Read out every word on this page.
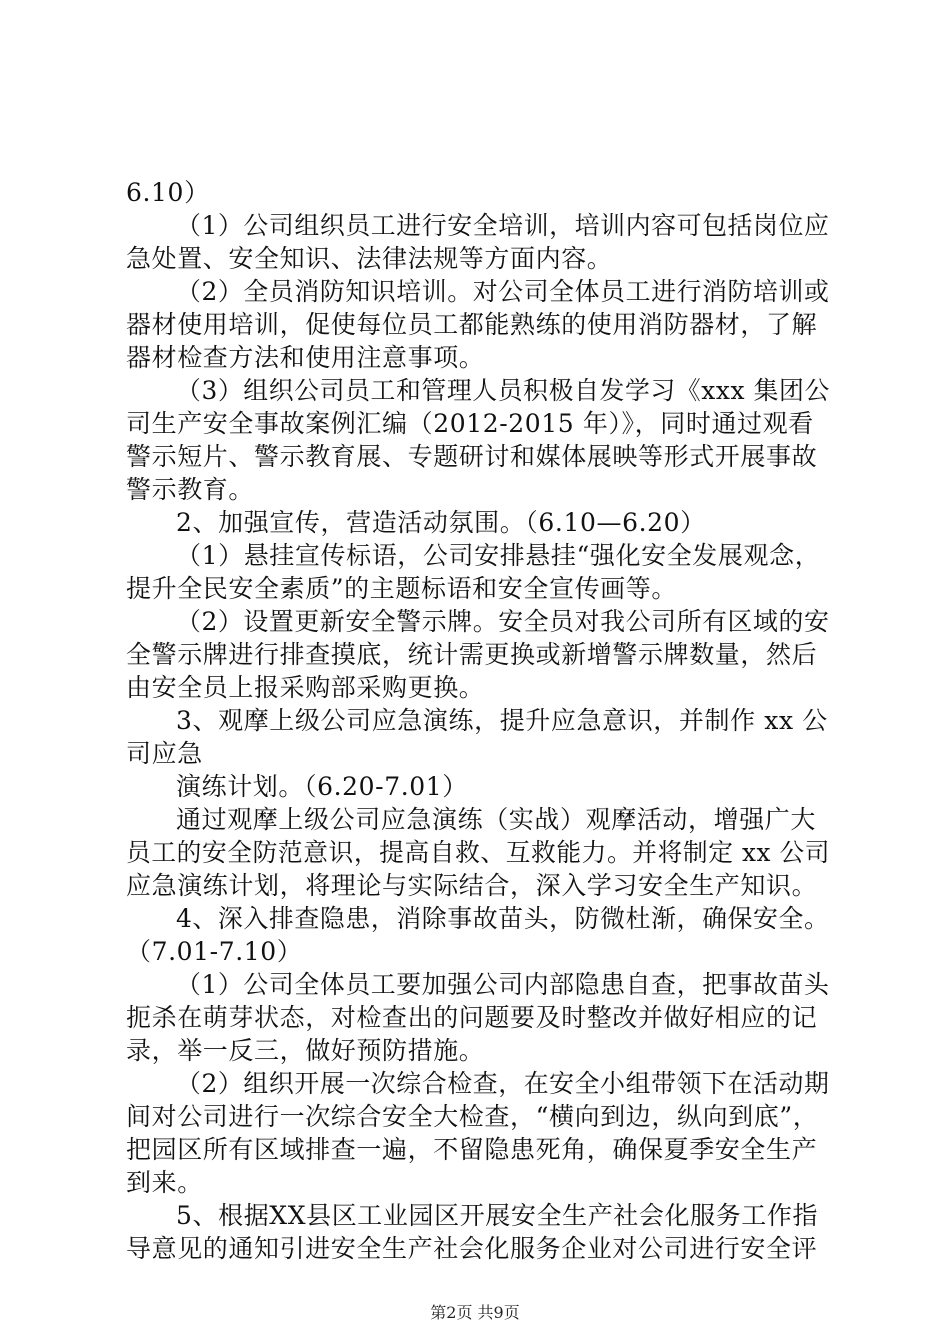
6.10）
（1）公司组织员工进行安全培训，培训内容可包括岗位应
急处置、安全知识、法律法规等方面内容。
（2）全员消防知识培训。对公司全体员工进行消防培训或
器材使用培训，促使每位员工都能熟练的使用消防器材，了解
器材检查方法和使用注意事项。
（3）组织公司员工和管理人员积极自发学习《xxx 集团公
司生产安全事故案例汇编（2012-2015 年）》，同时通过观看
警示短片、警示教育展、专题研讨和媒体展映等形式开展事故
警示教育。
2、加强宣传，营造活动氛围。（6.10—6.20）
（1）悬挂宣传标语，公司安排悬挂“强化安全发展观念，
提升全民安全素质”的主题标语和安全宣传画等。
（2）设置更新安全警示牌。安全员对我公司所有区域的安
全警示牌进行排查摸底，统计需更换或新增警示牌数量，然后
由安全员上报采购部采购更换。
3、观摩上级公司应急演练，提升应急意识，并制作 xx 公
司应急
演练计划。（6.20-7.01）
通过观摩上级公司应急演练（实战）观摩活动，增强广大
员工的安全防范意识，提高自救、互救能力。并将制定 xx 公司
应急演练计划，将理论与实际结合，深入学习安全生产知识。
4、深入排查隐患，消除事故苗头，防微杜渐，确保安全。
（7.01-7.10）
（1）公司全体员工要加强公司内部隐患自查，把事故苗头
扼杀在萌芽状态，对检查出的问题要及时整改并做好相应的记
录，举一反三，做好预防措施。
（2）组织开展一次综合检查，在安全小组带领下在活动期
间对公司进行一次综合安全大检查，“横向到边，纵向到底”，
把园区所有区域排查一遍，不留隐患死角，确保夏季安全生产
到来。
5、根据XX县区工业园区开展安全生产社会化服务工作指
第2页 共9页
导意见的通知引进安全生产社会化服务企业对公司进行安全评
